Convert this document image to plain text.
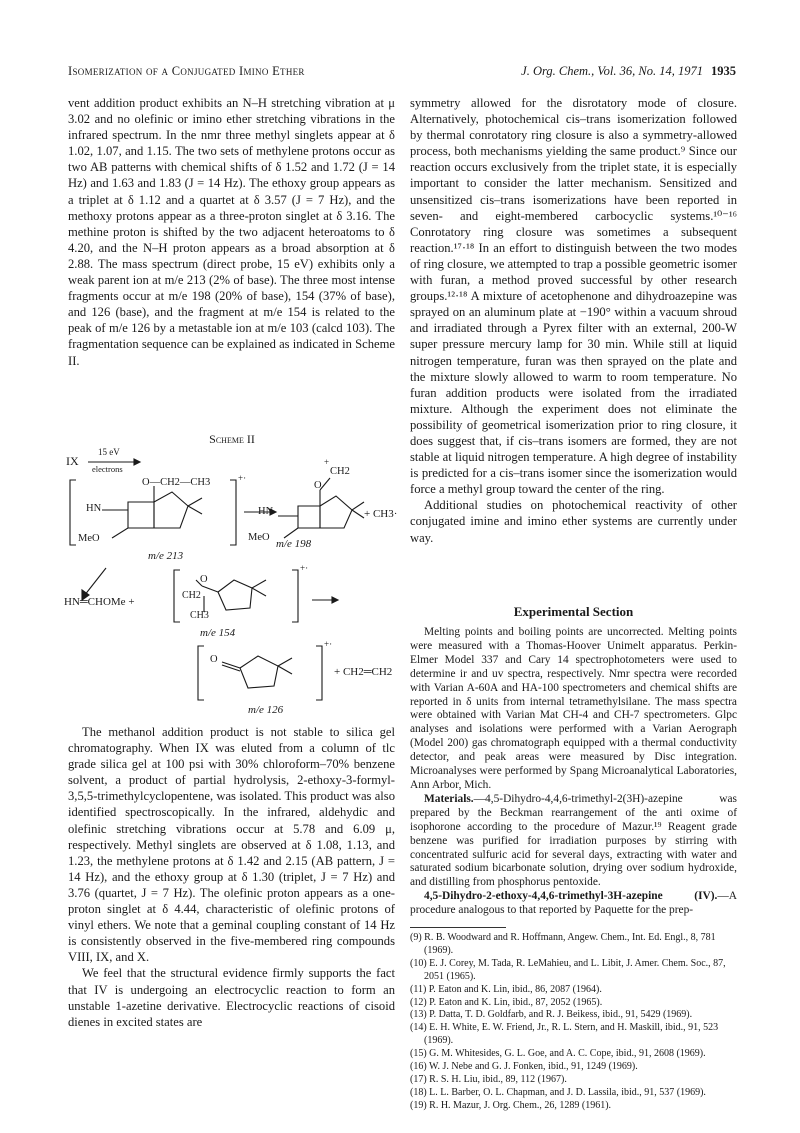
Isomerization of a Conjugated Imino Ether	J. Org. Chem., Vol. 36, No. 14, 1971 1935

vent addition product exhibits an N–H stretching vibration at μ 3.02 and no olefinic or imino ether stretching vibrations in the infrared spectrum. In the nmr three methyl singlets appear at δ 1.02, 1.07, and 1.15. The two sets of methylene protons occur as two AB patterns with chemical shifts of δ 1.52 and 1.72 (J = 14 Hz) and 1.63 and 1.83 (J = 14 Hz). The ethoxy group appears as a triplet at δ 1.12 and a quartet at δ 3.57 (J = 7 Hz), and the methoxy protons appear as a three-proton singlet at δ 3.16. The methine proton is shifted by the two adjacent heteroatoms to δ 4.20, and the N–H proton appears as a broad absorption at δ 2.88. The mass spectrum (direct probe, 15 eV) exhibits only a weak parent ion at m/e 213 (2% of base). The three most intense fragments occur at m/e 198 (20% of base), 154 (37% of base), and 126 (base), and the fragment at m/e 154 is related to the peak of m/e 126 by a metastable ion at m/e 103 (calcd 103). The fragmentation sequence can be explained as indicated in Scheme II.

Scheme II
IX
15 eV
electrons
O—CH2—CH3	+·
HN
MeO
m/e 213
+
CH2
O
HN
MeO
+ CH3·
m/e 198
HN═CHOMe +
O
CH2
CH3
+·
m/e 154
O
+·
+ CH2═CH2
m/e 126

The methanol addition product is not stable to silica gel chromatography. When IX was eluted from a column of tlc grade silica gel at 100 psi with 30% chloroform–70% benzene solvent, a product of partial hydrolysis, 2-ethoxy-3-formyl-3,5,5-trimethylcyclopentene, was isolated. This product was also identified spectroscopically. In the infrared, aldehydic and olefinic stretching vibrations occur at 5.78 and 6.09 μ, respectively. Methyl singlets are observed at δ 1.08, 1.13, and 1.23, the methylene protons at δ 1.42 and 2.15 (AB pattern, J = 14 Hz), and the ethoxy group at δ 1.30 (triplet, J = 7 Hz) and 3.76 (quartet, J = 7 Hz). The olefinic proton appears as a one-proton singlet at δ 4.44, characteristic of olefinic protons of vinyl ethers. We note that a geminal coupling constant of 14 Hz is consistently observed in the five-membered ring compounds VIII, IX, and X.

We feel that the structural evidence firmly supports the fact that IV is undergoing an electrocyclic reaction to form an unstable 1-azetine derivative. Electrocyclic reactions of cisoid dienes in excited states are

symmetry allowed for the disrotatory mode of closure. Alternatively, photochemical cis–trans isomerization followed by thermal conrotatory ring closure is also a symmetry-allowed process, both mechanisms yielding the same product.⁹ Since our reaction occurs exclusively from the triplet state, it is especially important to consider the latter mechanism. Sensitized and unsensitized cis–trans isomerizations have been reported in seven- and eight-membered carbocyclic systems.¹⁰⁻¹⁶ Conrotatory ring closure was sometimes a subsequent reaction.¹⁷·¹⁸ In an effort to distinguish between the two modes of ring closure, we attempted to trap a possible geometric isomer with furan, a method proved successful by other research groups.¹²·¹⁸ A mixture of acetophenone and dihydroazepine was sprayed on an aluminum plate at −190° within a vacuum shroud and irradiated through a Pyrex filter with an external, 200-W super pressure mercury lamp for 30 min. While still at liquid nitrogen temperature, furan was then sprayed on the plate and the mixture slowly allowed to warm to room temperature. No furan addition products were isolated from the irradiated mixture. Although the experiment does not eliminate the possibility of geometrical isomerization prior to ring closure, it does suggest that, if cis–trans isomers are formed, they are not stable at liquid nitrogen temperature. A high degree of instability is predicted for a cis–trans isomer since the isomerization would force a methyl group toward the center of the ring.

Additional studies on photochemical reactivity of other conjugated imine and imino ether systems are currently under way.

Experimental Section

Melting points and boiling points are uncorrected. Melting points were measured with a Thomas-Hoover Unimelt apparatus. Perkin-Elmer Model 337 and Cary 14 spectrophotometers were used to determine ir and uv spectra, respectively. Nmr spectra were recorded with Varian A-60A and HA-100 spectrometers and chemical shifts are reported in δ units from internal tetramethylsilane. The mass spectra were obtained with Varian Mat CH-4 and CH-7 spectrometers. Glpc analyses and isolations were performed with a Varian Aerograph (Model 200) gas chromatograph equipped with a thermal conductivity detector, and peak areas were measured by Disc integration. Microanalyses were performed by Spang Microanalytical Laboratories, Ann Arbor, Mich.

Materials.—4,5-Dihydro-4,4,6-trimethyl-2(3H)-azepine was prepared by the Beckman rearrangement of the anti oxime of isophorone according to the procedure of Mazur.¹⁹ Reagent grade benzene was purified for irradiation purposes by stirring with concentrated sulfuric acid for several days, extracting with water and saturated sodium bicarbonate solution, drying over sodium hydroxide, and distilling from phosphorus pentoxide.

4,5-Dihydro-2-ethoxy-4,4,6-trimethyl-3H-azepine (IV).—A procedure analogous to that reported by Paquette for the prep-

(9) R. B. Woodward and R. Hoffmann, Angew. Chem., Int. Ed. Engl., 8, 781 (1969).
(10) E. J. Corey, M. Tada, R. LeMahieu, and L. Libit, J. Amer. Chem. Soc., 87, 2051 (1965).
(11) P. Eaton and K. Lin, ibid., 86, 2087 (1964).
(12) P. Eaton and K. Lin, ibid., 87, 2052 (1965).
(13) P. Datta, T. D. Goldfarb, and R. J. Beikess, ibid., 91, 5429 (1969).
(14) E. H. White, E. W. Friend, Jr., R. L. Stern, and H. Maskill, ibid., 91, 523 (1969).
(15) G. M. Whitesides, G. L. Goe, and A. C. Cope, ibid., 91, 2608 (1969).
(16) W. J. Nebe and G. J. Fonken, ibid., 91, 1249 (1969).
(17) R. S. H. Liu, ibid., 89, 112 (1967).
(18) L. L. Barber, O. L. Chapman, and J. D. Lassila, ibid., 91, 537 (1969).
(19) R. H. Mazur, J. Org. Chem., 26, 1289 (1961).
